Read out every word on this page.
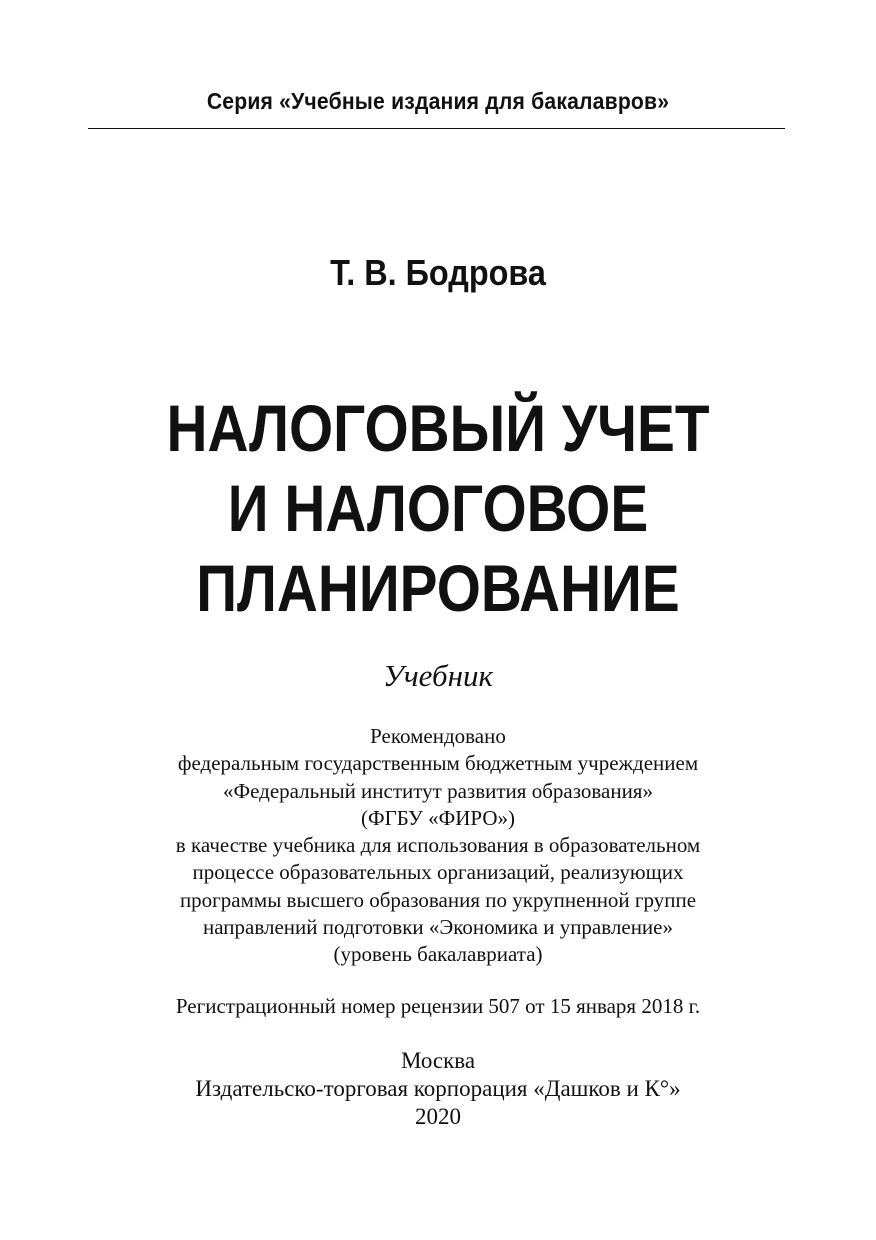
Серия «Учебные издания для бакалавров»
Т. В. Бодрова
НАЛОГОВЫЙ УЧЕТ
И НАЛОГОВОЕ
ПЛАНИРОВАНИЕ
Учебник
Рекомендовано
федеральным государственным бюджетным учреждением
«Федеральный институт развития образования»
(ФГБУ «ФИРО»)
в качестве учебника для использования в образовательном
процессе образовательных организаций, реализующих
программы высшего образования по укрупненной группе
направлений подготовки «Экономика и управление»
(уровень бакалавриата)
Регистрационный номер рецензии 507 от 15 января 2018 г.
Москва
Издательско-торговая корпорация «Дашков и К°»
2020
